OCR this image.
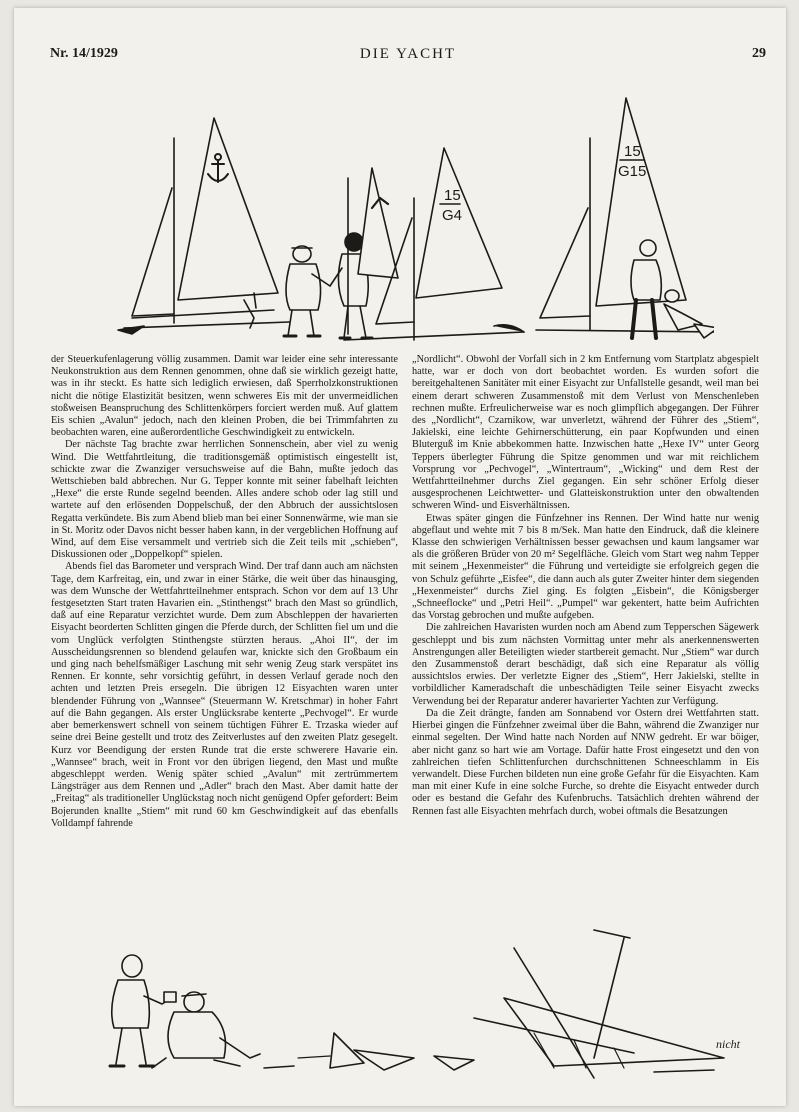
Nr. 14/1929	DIE YACHT	29
15
G4
15
G15

der Steuerkufenlagerung völlig zusammen. Damit war leider eine sehr interessante Neukonstruktion aus dem Rennen genommen, ohne daß sie wirklich gezeigt hatte, was in ihr steckt. Es hatte sich lediglich erwiesen, daß Sperrholzkonstruktionen nicht die nötige Elastizität besitzen, wenn schweres Eis mit der unvermeidlichen stoßweisen Beanspruchung des Schlittenkörpers forciert werden muß. Auf glattem Eis schien „Avalun“ jedoch, nach den kleinen Proben, die bei Trimmfahrten zu beobachten waren, eine außerordentliche Geschwindigkeit zu entwickeln.

Der nächste Tag brachte zwar herrlichen Sonnenschein, aber viel zu wenig Wind. Die Wettfahrtleitung, die traditionsgemäß optimistisch eingestellt ist, schickte zwar die Zwanziger versuchsweise auf die Bahn, mußte jedoch das Wettschieben bald abbrechen. Nur G. Tepper konnte mit seiner fabelhaft leichten „Hexe“ die erste Runde segelnd beenden. Alles andere schob oder lag still und wartete auf den erlösenden Doppelschuß, der den Abbruch der aussichtslosen Regatta verkündete. Bis zum Abend blieb man bei einer Sonnenwärme, wie man sie in St. Moritz oder Davos nicht besser haben kann, in der vergeblichen Hoffnung auf Wind, auf dem Eise versammelt und vertrieb sich die Zeit teils mit „schieben“, Diskussionen oder „Doppelkopf“ spielen.

Abends fiel das Barometer und versprach Wind. Der traf dann auch am nächsten Tage, dem Karfreitag, ein, und zwar in einer Stärke, die weit über das hinausging, was dem Wunsche der Wettfahrtteilnehmer entsprach. Schon vor dem auf 13 Uhr festgesetzten Start traten Havarien ein. „Stinthengst“ brach den Mast so gründlich, daß auf eine Reparatur verzichtet wurde. Dem zum Abschleppen der havarierten Eisyacht beorderten Schlitten gingen die Pferde durch, der Schlitten fiel um und die vom Unglück verfolgten Stinthengste stürzten heraus. „Ahoi II“, der im Ausscheidungsrennen so blendend gelaufen war, knickte sich den Großbaum ein und ging nach behelfsmäßiger Laschung mit sehr wenig Zeug stark verspätet ins Rennen. Er konnte, sehr vorsichtig geführt, in dessen Verlauf gerade noch den achten und letzten Preis ersegeln. Die übrigen 12 Eisyachten waren unter blendender Führung von „Wannsee“ (Steuermann W. Kretschmar) in hoher Fahrt auf die Bahn gegangen. Als erster Unglücksrabe kenterte „Pechvogel“. Er wurde aber bemerkenswert schnell von seinem tüchtigen Führer E. Trzaska wieder auf seine drei Beine gestellt und trotz des Zeitverlustes auf den zweiten Platz gesegelt. Kurz vor Beendigung der ersten Runde trat die erste schwerere Havarie ein. „Wannsee“ brach, weit in Front vor den übrigen liegend, den Mast und mußte abgeschleppt werden. Wenig später schied „Avalun“ mit zertrümmertem Längsträger aus dem Rennen und „Adler“ brach den Mast. Aber damit hatte der „Freitag“ als traditioneller Unglückstag noch nicht genügend Opfer gefordert: Beim Bojerunden knallte „Stiem“ mit rund 60 km Geschwindigkeit auf das ebenfalls Volldampf fahrende

„Nordlicht“. Obwohl der Vorfall sich in 2 km Entfernung vom Startplatz abgespielt hatte, war er doch von dort beobachtet worden. Es wurden sofort die bereitgehaltenen Sanitäter mit einer Eisyacht zur Unfallstelle gesandt, weil man bei einem derart schweren Zusammenstoß mit dem Verlust von Menschenleben rechnen mußte. Erfreulicherweise war es noch glimpflich abgegangen. Der Führer des „Nordlicht“, Czarnikow, war unverletzt, während der Führer des „Stiem“, Jakielski, eine leichte Gehirnerschütterung, ein paar Kopfwunden und einen Bluterguß im Knie abbekommen hatte. Inzwischen hatte „Hexe IV“ unter Georg Teppers überlegter Führung die Spitze genommen und war mit reichlichem Vorsprung vor „Pechvogel“, „Wintertraum“, „Wicking“ und dem Rest der Wettfahrtteilnehmer durchs Ziel gegangen. Ein sehr schöner Erfolg dieser ausgesprochenen Leichtwetter- und Glatteiskonstruktion unter den obwaltenden schweren Wind- und Eisverhältnissen.

Etwas später gingen die Fünfzehner ins Rennen. Der Wind hatte nur wenig abgeflaut und wehte mit 7 bis 8 m/Sek. Man hatte den Eindruck, daß die kleinere Klasse den schwierigen Verhältnissen besser gewachsen und kaum langsamer war als die größeren Brüder von 20 m² Segelfläche. Gleich vom Start weg nahm Tepper mit seinem „Hexenmeister“ die Führung und verteidigte sie erfolgreich gegen die von Schulz geführte „Eisfee“, die dann auch als guter Zweiter hinter dem siegenden „Hexenmeister“ durchs Ziel ging. Es folgten „Eisbein“, die Königsberger „Schneeflocke“ und „Petri Heil“. „Pumpel“ war gekentert, hatte beim Aufrichten das Vorstag gebrochen und mußte aufgeben.

Die zahlreichen Havaristen wurden noch am Abend zum Tepperschen Sägewerk geschleppt und bis zum nächsten Vormittag unter mehr als anerkennenswerten Anstrengungen aller Beteiligten wieder startbereit gemacht. Nur „Stiem“ war durch den Zusammenstoß derart beschädigt, daß sich eine Reparatur als völlig aussichtslos erwies. Der verletzte Eigner des „Stiem“, Herr Jakielski, stellte in vorbildlicher Kameradschaft die unbeschädigten Teile seiner Eisyacht zwecks Verwendung bei der Reparatur anderer havarierter Yachten zur Verfügung.

Da die Zeit drängte, fanden am Sonnabend vor Ostern drei Wettfahrten statt. Hierbei gingen die Fünfzehner zweimal über die Bahn, während die Zwanziger nur einmal segelten. Der Wind hatte nach Norden auf NNW gedreht. Er war böiger, aber nicht ganz so hart wie am Vortage. Dafür hatte Frost eingesetzt und den von zahlreichen tiefen Schlittenfurchen durchschnittenen Schneeschlamm in Eis verwandelt. Diese Furchen bildeten nun eine große Gefahr für die Eisyachten. Kam man mit einer Kufe in eine solche Furche, so drehte die Eisyacht entweder durch oder es bestand die Gefahr des Kufenbruchs. Tatsächlich drehten während der Rennen fast alle Eisyachten mehrfach durch, wobei oftmals die Besatzungen

nicht
